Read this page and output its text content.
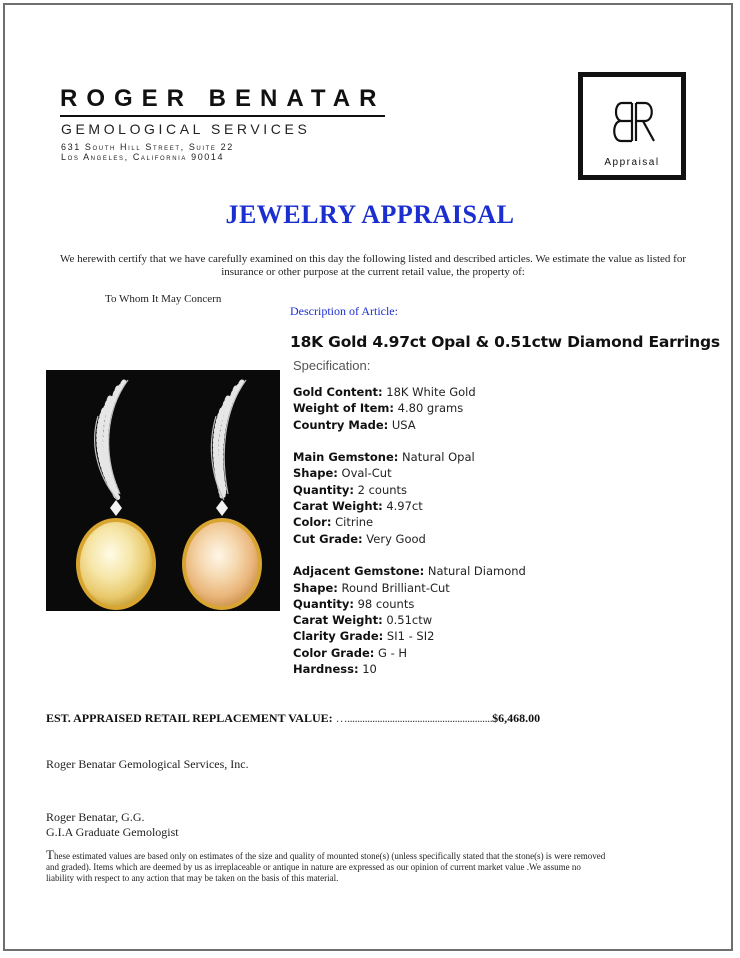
ROGER BENATAR
GEMOLOGICAL SERVICES
631 South Hill Street, Suite 22
Los Angeles, California 90014	Appraisal
JEWELRY APPRAISAL
We herewith certify that we have carefully examined on this day the following listed and described articles. We estimate the value as listed for insurance or other purpose at the current retail value, the property of:
To Whom It May Concern
Description of Article:
18K Gold 4.97ct Opal & 0.51ctw Diamond Earrings
Specification:
Gold Content: 18K White Gold
Weight of Item: 4.80 grams
Country Made: USA
Main Gemstone: Natural Opal
Shape: Oval-Cut
Quantity: 2 counts
Carat Weight: 4.97ct
Color: Citrine
Cut Grade: Very Good
Adjacent Gemstone: Natural Diamond
Shape: Round Brilliant-Cut
Quantity: 98 counts
Carat Weight: 0.51ctw
Clarity Grade: SI1 - SI2
Color Grade: G - H
Hardness: 10
EST. APPRAISED RETAIL REPLACEMENT VALUE: …..........................................................$6,468.00
Roger Benatar Gemological Services, Inc.
Roger Benatar, G.G.
G.I.A Graduate Gemologist
These estimated values are based only on estimates of the size and quality of mounted stone(s) (unless specifically stated that the stone(s) is were removed and graded). Items which are deemed by us as irreplaceable or antique in nature are expressed as our opinion of current market value .We assume no liability with respect to any action that may be taken on the basis of this material.
